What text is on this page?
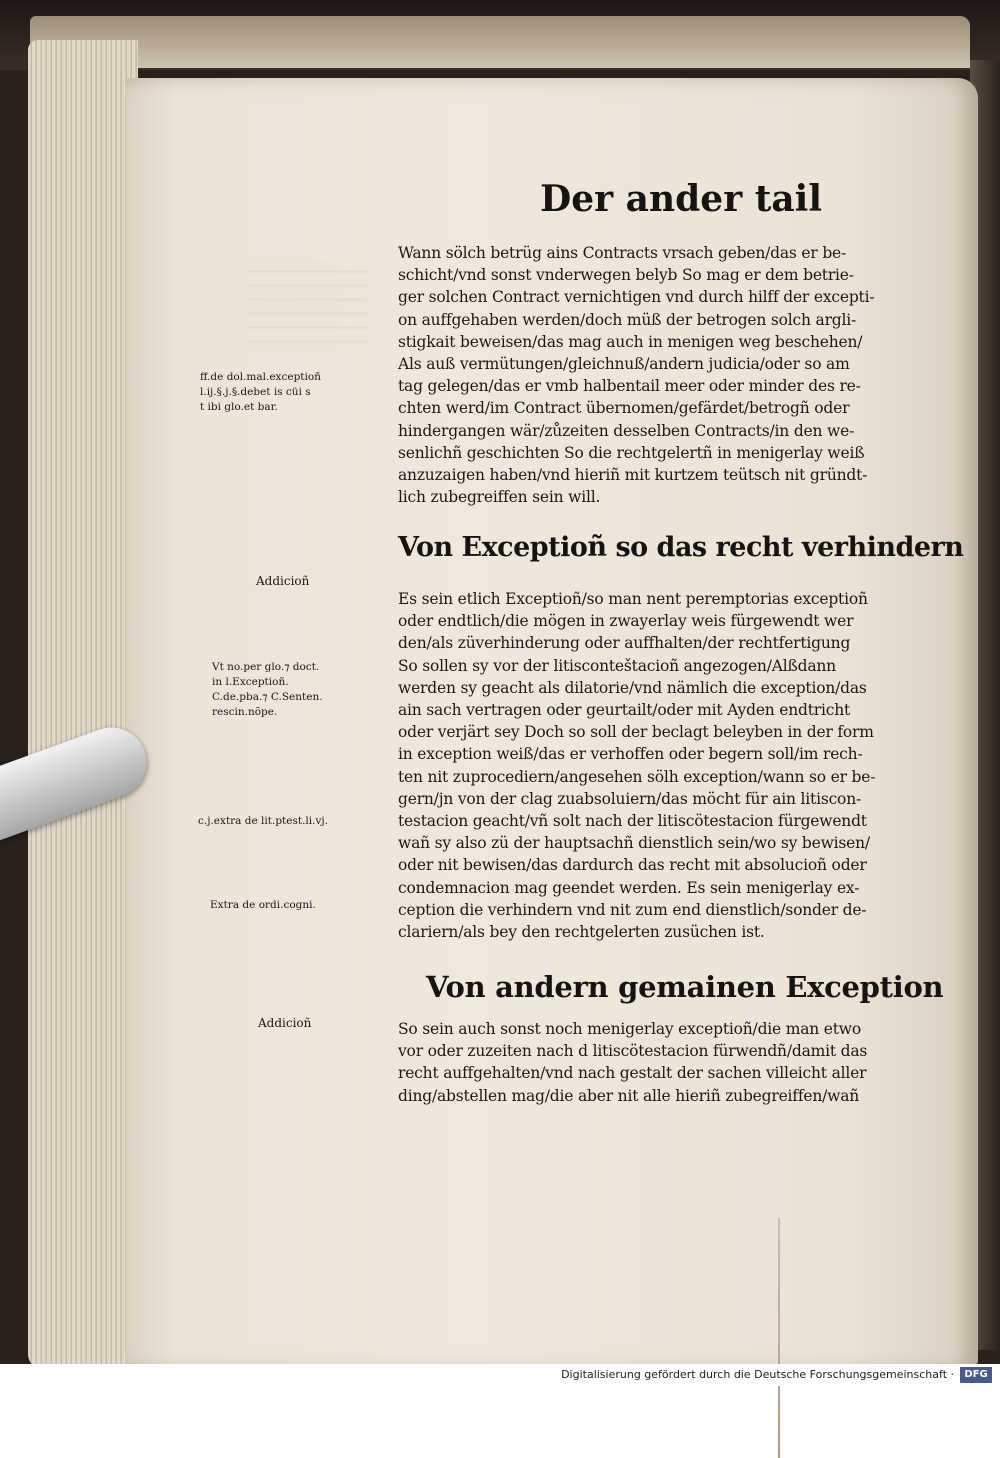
Der ander tail
Wann sölch betrüg ains Contracts vrsach geben/das er be-
schicht/vnd sonst vnderwegen belyb So mag er dem betrie-
ger solchen Contract vernichtigen vnd durch hilff der excepti-
on auffgehaben werden/doch müß der betrogen solch argli-
stigkait beweisen/das mag auch in menigen weg beschehen/
Als auß vermütungen/gleichnuß/andern judicia/oder so am
tag gelegen/das er vmb halbentail meer oder minder des re-
chten werd/im Contract übernomen/gefärdet/betrogñ oder
hindergangen wär/zůzeiten desselben Contracts/in den we-
senlichñ geschichten So die rechtgelertñ in menigerlay weiß
anzuzaigen haben/vnd hieriñ mit kurtzem teütsch nit gründt-
lich zubegreiffen sein will.
Von Exceptioñ so das recht verhindern
Es sein etlich Exceptioñ/so man nent peremptorias exceptioñ
oder endtlich/die mögen in zwayerlay weis fürgewendt wer
den/als züverhinderung oder auffhalten/der rechtfertigung
So sollen sy vor der litisconteštacioñ angezogen/Alßdann
werden sy geacht als dilatorie/vnd nämlich die exception/das
ain sach vertragen oder geurtailt/oder mit Ayden endtricht
oder verjärt sey Doch so soll der beclagt beleyben in der form
in exception weiß/das er verhoffen oder begern soll/im rech-
ten nit zuprocediern/angesehen sölh exception/wann so er be-
gern/jn von der clag zuabsoluiern/das möcht für ain litiscon-
testacion geacht/vñ solt nach der litiscötestacion fürgewendt
wañ sy also zü der hauptsachñ dienstlich sein/wo sy bewisen/
oder nit bewisen/das dardurch das recht mit absolucioñ oder
condemnacion mag geendet werden. Es sein menigerlay ex-
ception die verhindern vnd nit zum end dienstlich/sonder de-
clariern/als bey den rechtgelerten zusüchen ist.
Von andern gemainen Exception
So sein auch sonst noch menigerlay exceptioñ/die man etwo
vor oder zuzeiten nach d litiscötestacion fürwendñ/damit das
recht auffgehalten/vnd nach gestalt der sachen villeicht aller
ding/abstellen mag/die aber nit alle hieriñ zubegreiffen/wañ
ff.de dol.mal.exceptioñ
l.ij.§.j.§.debet is cüi s
t ibi glo.et bar.
Addicioñ
Vt no.per glo.⁊ doct.
in l.Exceptioñ.
C.de.pba.⁊ C.Senten.
rescin.nõpe.
c.j.extra de lit.ptest.li.vj.
Extra de ordi.cogni.
Addicioñ
Digitalisierung gefördert durch die Deutsche Forschungsgemeinschaft ·	DFG
